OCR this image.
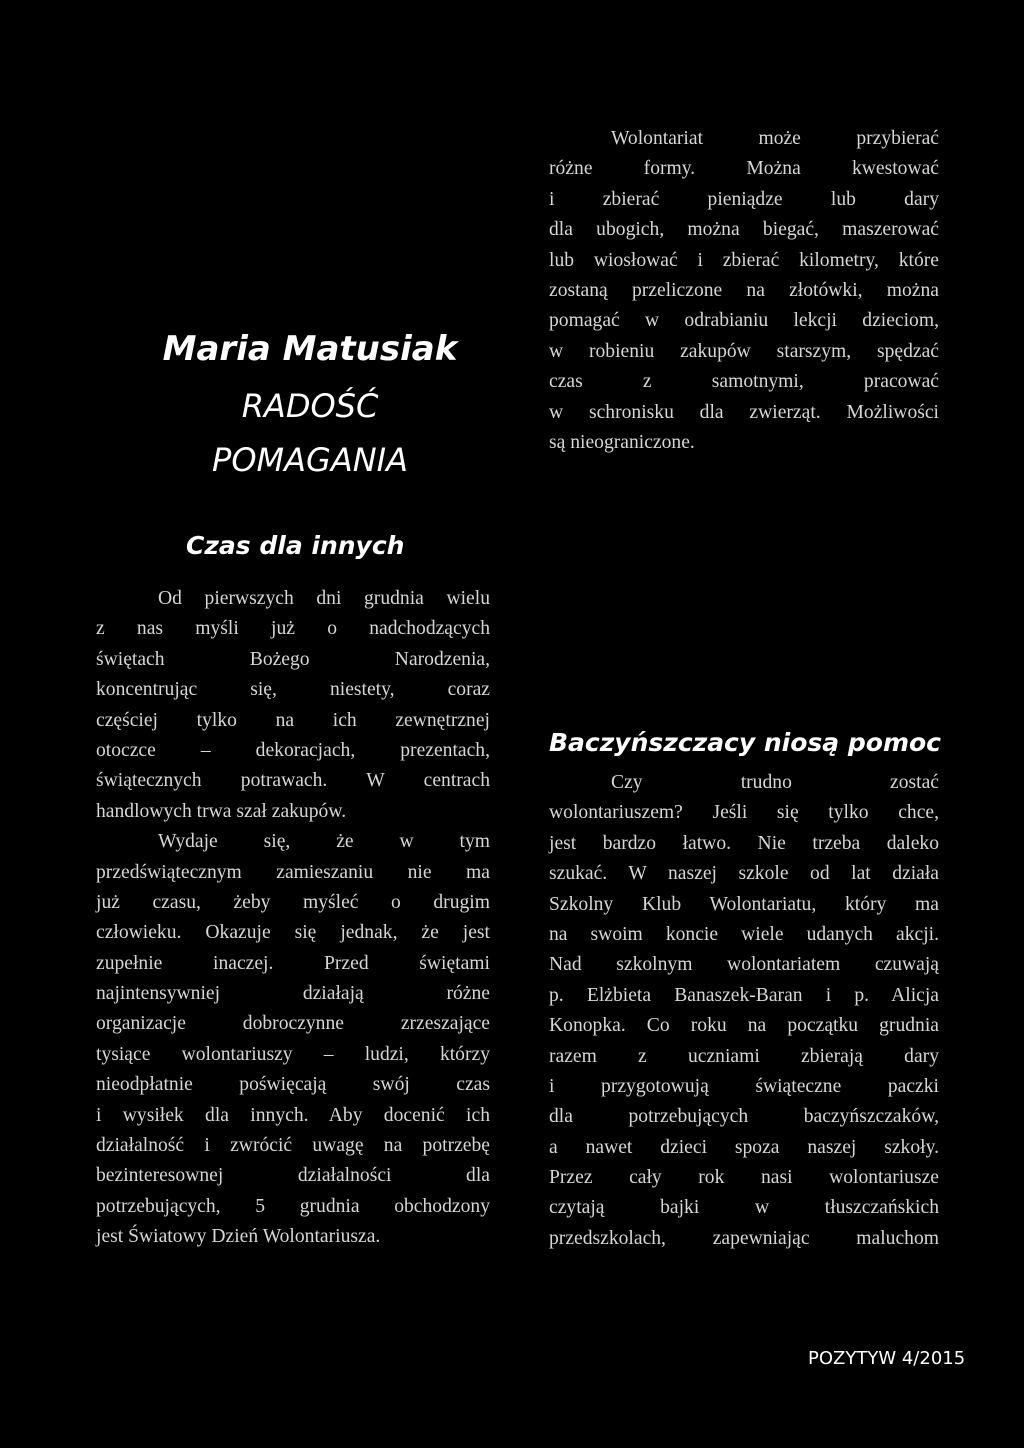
Maria Matusiak

RADOŚĆ

POMAGANIA

Wolontariat może przybierać
różne formy. Można kwestować
i zbierać pieniądze lub dary
dla ubogich, można biegać, maszerować
lub wiosłować i zbierać kilometry, które
zostaną przeliczone na złotówki, można
pomagać w odrabianiu lekcji dzieciom,
w robieniu zakupów starszym, spędzać
czas z samotnymi, pracować
w schronisku dla zwierząt. Możliwości
są nieograniczone.
Czas dla innych
Od pierwszych dni grudnia wielu
z nas myśli już o nadchodzących
świętach Bożego Narodzenia,
koncentrując się, niestety, coraz
częściej tylko na ich zewnętrznej
otoczce – dekoracjach, prezentach,
świątecznych potrawach. W centrach
handlowych trwa szał zakupów.
Wydaje się, że w tym
przedświątecznym zamieszaniu nie ma
już czasu, żeby myśleć o drugim
człowieku. Okazuje się jednak, że jest
zupełnie inaczej. Przed świętami
najintensywniej działają różne
organizacje dobroczynne zrzeszające
tysiące wolontariuszy – ludzi, którzy
nieodpłatnie poświęcają swój czas
i wysiłek dla innych. Aby docenić ich
działalność i zwrócić uwagę na potrzebę
bezinteresownej działalności dla
potrzebujących, 5 grudnia obchodzony
jest Światowy Dzień Wolontariusza.
Baczyńszczacy niosą pomoc
Czy trudno zostać
wolontariuszem? Jeśli się tylko chce,
jest bardzo łatwo. Nie trzeba daleko
szukać. W naszej szkole od lat działa
Szkolny Klub Wolontariatu, który ma
na swoim koncie wiele udanych akcji.
Nad szkolnym wolontariatem czuwają
p. Elżbieta Banaszek-Baran i p. Alicja
Konopka. Co roku na początku grudnia
razem z uczniami zbierają dary
i przygotowują świąteczne paczki
dla potrzebujących baczyńszczaków,
a nawet dzieci spoza naszej szkoły.
Przez cały rok nasi wolontariusze
czytają bajki w tłuszczańskich
przedszkolach, zapewniając maluchom
POZYTYW 4/2015
